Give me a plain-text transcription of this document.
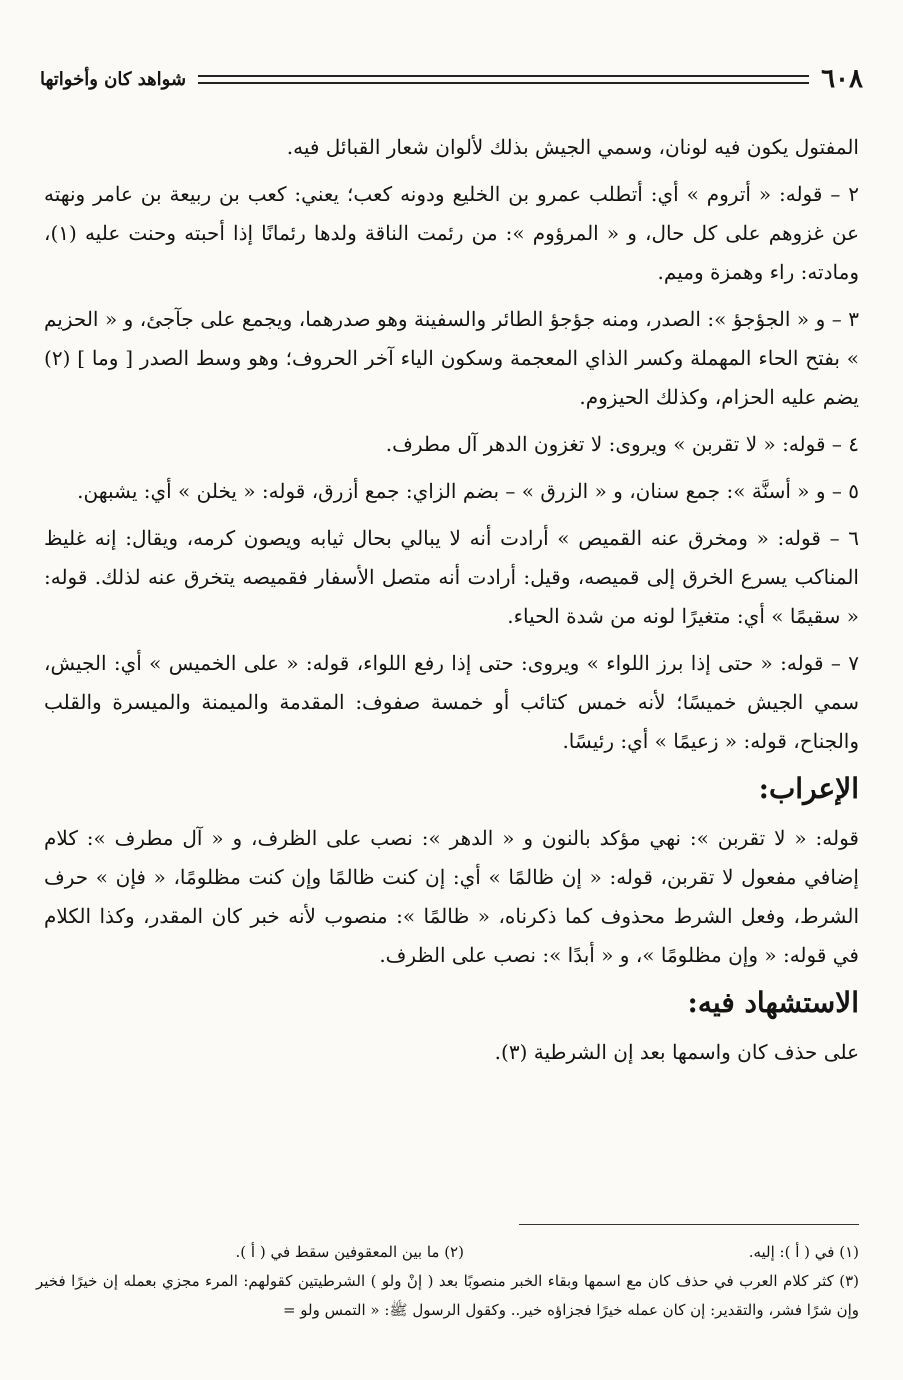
٦٠٨
شواهد كان وأخواتها

المفتول يكون فيه لونان، وسمي الجيش بذلك لألوان شعار القبائل فيه.

٢ – قوله: « أتروم » أي: أتطلب عمرو بن الخليع ودونه كعب؛ يعني: كعب بن ربيعة بن عامر ونهته عن غزوهم على كل حال، و « المرؤوم »: من رئمت الناقة ولدها رئمانًا إذا أحبته وحنت عليه (١)، ومادته: راء وهمزة وميم.

٣ – و « الجؤجؤ »: الصدر، ومنه جؤجؤ الطائر والسفينة وهو صدرهما، ويجمع على جآجئ، و « الحزيم » بفتح الحاء المهملة وكسر الذاي المعجمة وسكون الياء آخر الحروف؛ وهو وسط الصدر [ وما ] (٢) يضم عليه الحزام، وكذلك الحيزوم.

٤ – قوله: « لا تقربن » ويروى: لا تغزون الدهر آل مطرف.

٥ – و « أسنَّة »: جمع سنان، و « الزرق » – بضم الزاي: جمع أزرق، قوله: « يخلن » أي: يشبهن.

٦ – قوله: « ومخرق عنه القميص » أرادت أنه لا يبالي بحال ثيابه ويصون كرمه، ويقال: إنه غليظ المناكب يسرع الخرق إلى قميصه، وقيل: أرادت أنه متصل الأسفار فقميصه يتخرق عنه لذلك. قوله: « سقيمًا » أي: متغيرًا لونه من شدة الحياء.

٧ – قوله: « حتى إذا برز اللواء » ويروى: حتى إذا رفع اللواء، قوله: « على الخميس » أي: الجيش، سمي الجيش خميسًا؛ لأنه خمس كتائب أو خمسة صفوف: المقدمة والميمنة والميسرة والقلب والجناح، قوله: « زعيمًا » أي: رئيسًا.

الإعراب:

قوله: « لا تقربن »: نهي مؤكد بالنون و « الدهر »: نصب على الظرف، و « آل مطرف »: كلام إضافي مفعول لا تقربن، قوله: « إن ظالمًا » أي: إن كنت ظالمًا وإن كنت مظلومًا، « فإن » حرف الشرط، وفعل الشرط محذوف كما ذكرناه، « ظالمًا »: منصوب لأنه خبر كان المقدر، وكذا الكلام في قوله: « وإن مظلومًا »، و « أبدًا »: نصب على الظرف.

الاستشهاد فيه:

على حذف كان واسمها بعد إن الشرطية (٣).

(١) في ( أ ): إليه.
(٢) ما بين المعقوفين سقط في ( أ ).

(٣) كثر كلام العرب في حذف كان مع اسمها وبقاء الخبر منصوبًا بعد ( إنْ ولو ) الشرطيتين كقولهم: المرء مجزي بعمله إن خيرًا فخير وإن شرًا فشر، والتقدير: إن كان عمله خيرًا فجزاؤه خير.. وكقول الرسول ﷺ: « التمس ولو =
